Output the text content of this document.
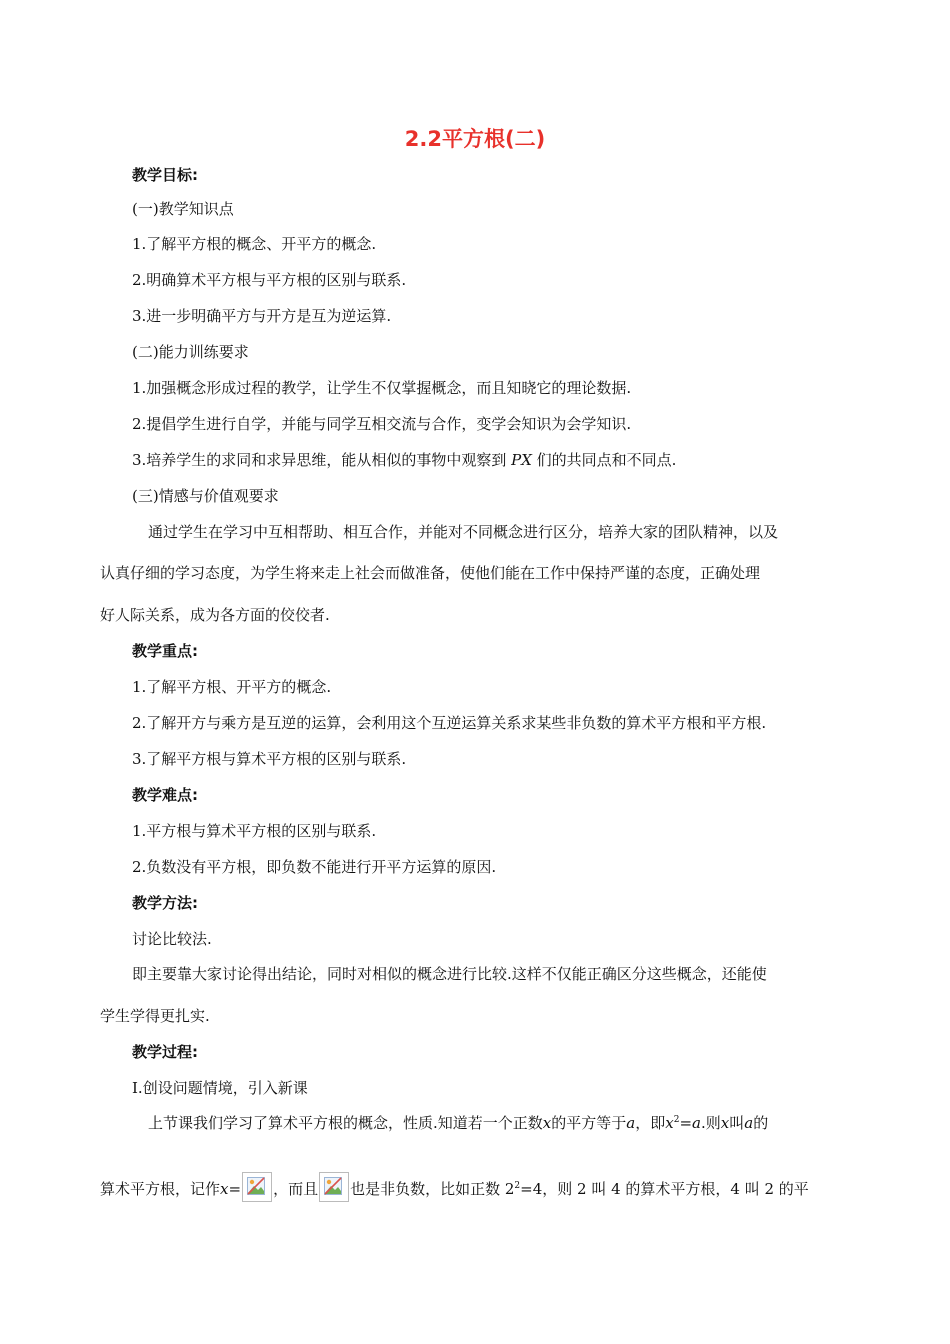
2.2平方根(二)
教学目标:
(一)教学知识点
1.了解平方根的概念、开平方的概念.
2.明确算术平方根与平方根的区别与联系.
3.进一步明确平方与开方是互为逆运算.
(二)能力训练要求
1.加强概念形成过程的教学，让学生不仅掌握概念，而且知晓它的理论数据.
2.提倡学生进行自学，并能与同学互相交流与合作，变学会知识为会学知识.
3.培养学生的求同和求异思维，能从相似的事物中观察到 ΡΧ 们的共同点和不同点.
(三)情感与价值观要求
通过学生在学习中互相帮助、相互合作，并能对不同概念进行区分，培养大家的团队精神，以及
认真仔细的学习态度，为学生将来走上社会而做准备，使他们能在工作中保持严谨的态度，正确处理
好人际关系，成为各方面的佼佼者.
教学重点:
1.了解平方根、开平方的概念.
2.了解开方与乘方是互逆的运算，会利用这个互逆运算关系求某些非负数的算术平方根和平方根.
3.了解平方根与算术平方根的区别与联系.
教学难点:
1.平方根与算术平方根的区别与联系.
2.负数没有平方根，即负数不能进行开平方运算的原因.
教学方法:
讨论比较法.
即主要靠大家讨论得出结论，同时对相似的概念进行比较.这样不仅能正确区分这些概念，还能使
学生学得更扎实.
教学过程:
Ⅰ.创设问题情境，引入新课
上节课我们学习了算术平方根的概念，性质.知道若一个正数x的平方等于a，即$x^2=a$.则x叫a的
算术平方根，记作x= ，而且 也是非负数，比如正数 $2^2=4$，则 2 叫 4 的算术平方根，4 叫 2 的平
